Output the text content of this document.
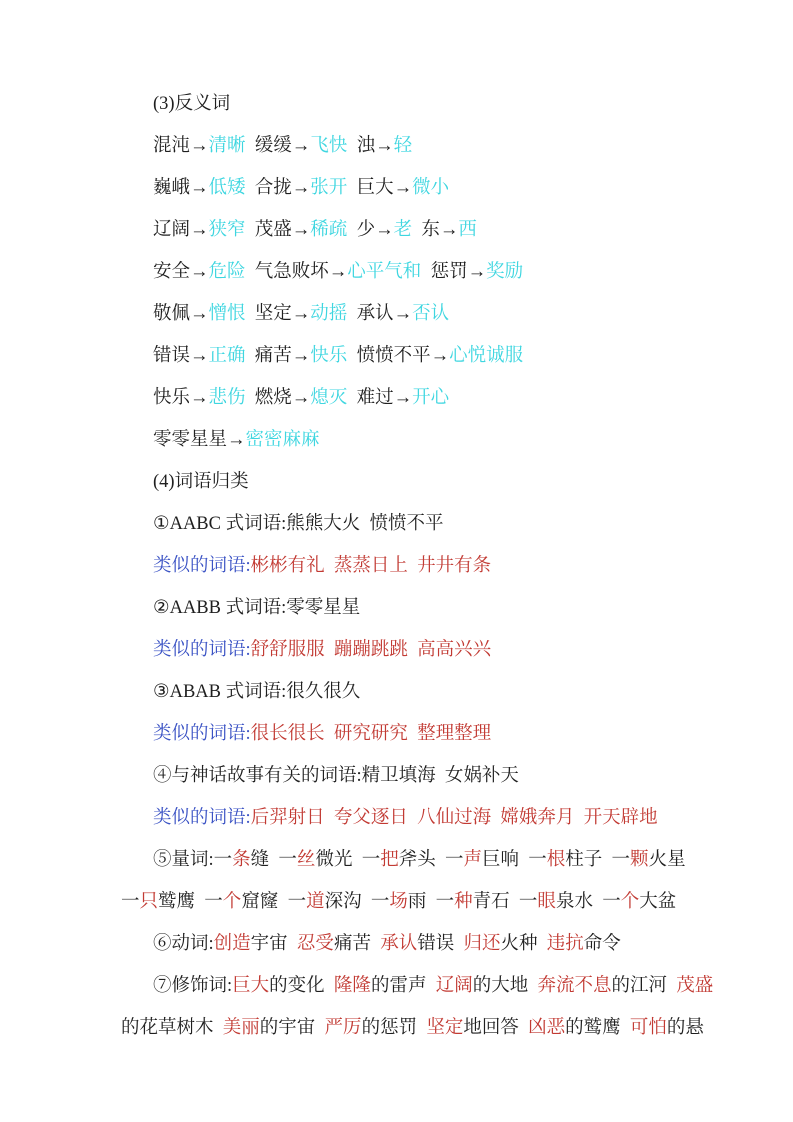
(3)反义词
混沌→清晰  缓缓→飞快  浊→轻
巍峨→低矮  合拢→张开  巨大→微小
辽阔→狭窄  茂盛→稀疏  少→老  东→西
安全→危险  气急败坏→心平气和  惩罚→奖励
敬佩→憎恨  坚定→动摇  承认→否认
错误→正确  痛苦→快乐  愤愤不平→心悦诚服
快乐→悲伤  燃烧→熄灭  难过→开心
零零星星→密密麻麻
(4)词语归类
①AABC 式词语:熊熊大火  愤愤不平
类似的词语:彬彬有礼  蒸蒸日上  井井有条
②AABB 式词语:零零星星
类似的词语:舒舒服服  蹦蹦跳跳  高高兴兴
③ABAB 式词语:很久很久
类似的词语:很长很长  研究研究  整理整理
④与神话故事有关的词语:精卫填海  女娲补天
类似的词语:后羿射日  夸父逐日  八仙过海  嫦娥奔月  开天辟地
⑤量词:一条缝  一丝微光  一把斧头  一声巨响  一根柱子  一颗火星
一只鹫鹰  一个窟窿  一道深沟  一场雨  一种青石  一眼泉水  一个大盆
⑥动词:创造宇宙  忍受痛苦  承认错误  归还火种  违抗命令
⑦修饰词:巨大的变化  隆隆的雷声  辽阔的大地  奔流不息的江河  茂盛
的花草树木  美丽的宇宙  严厉的惩罚  坚定地回答  凶恶的鹫鹰  可怕的悬
